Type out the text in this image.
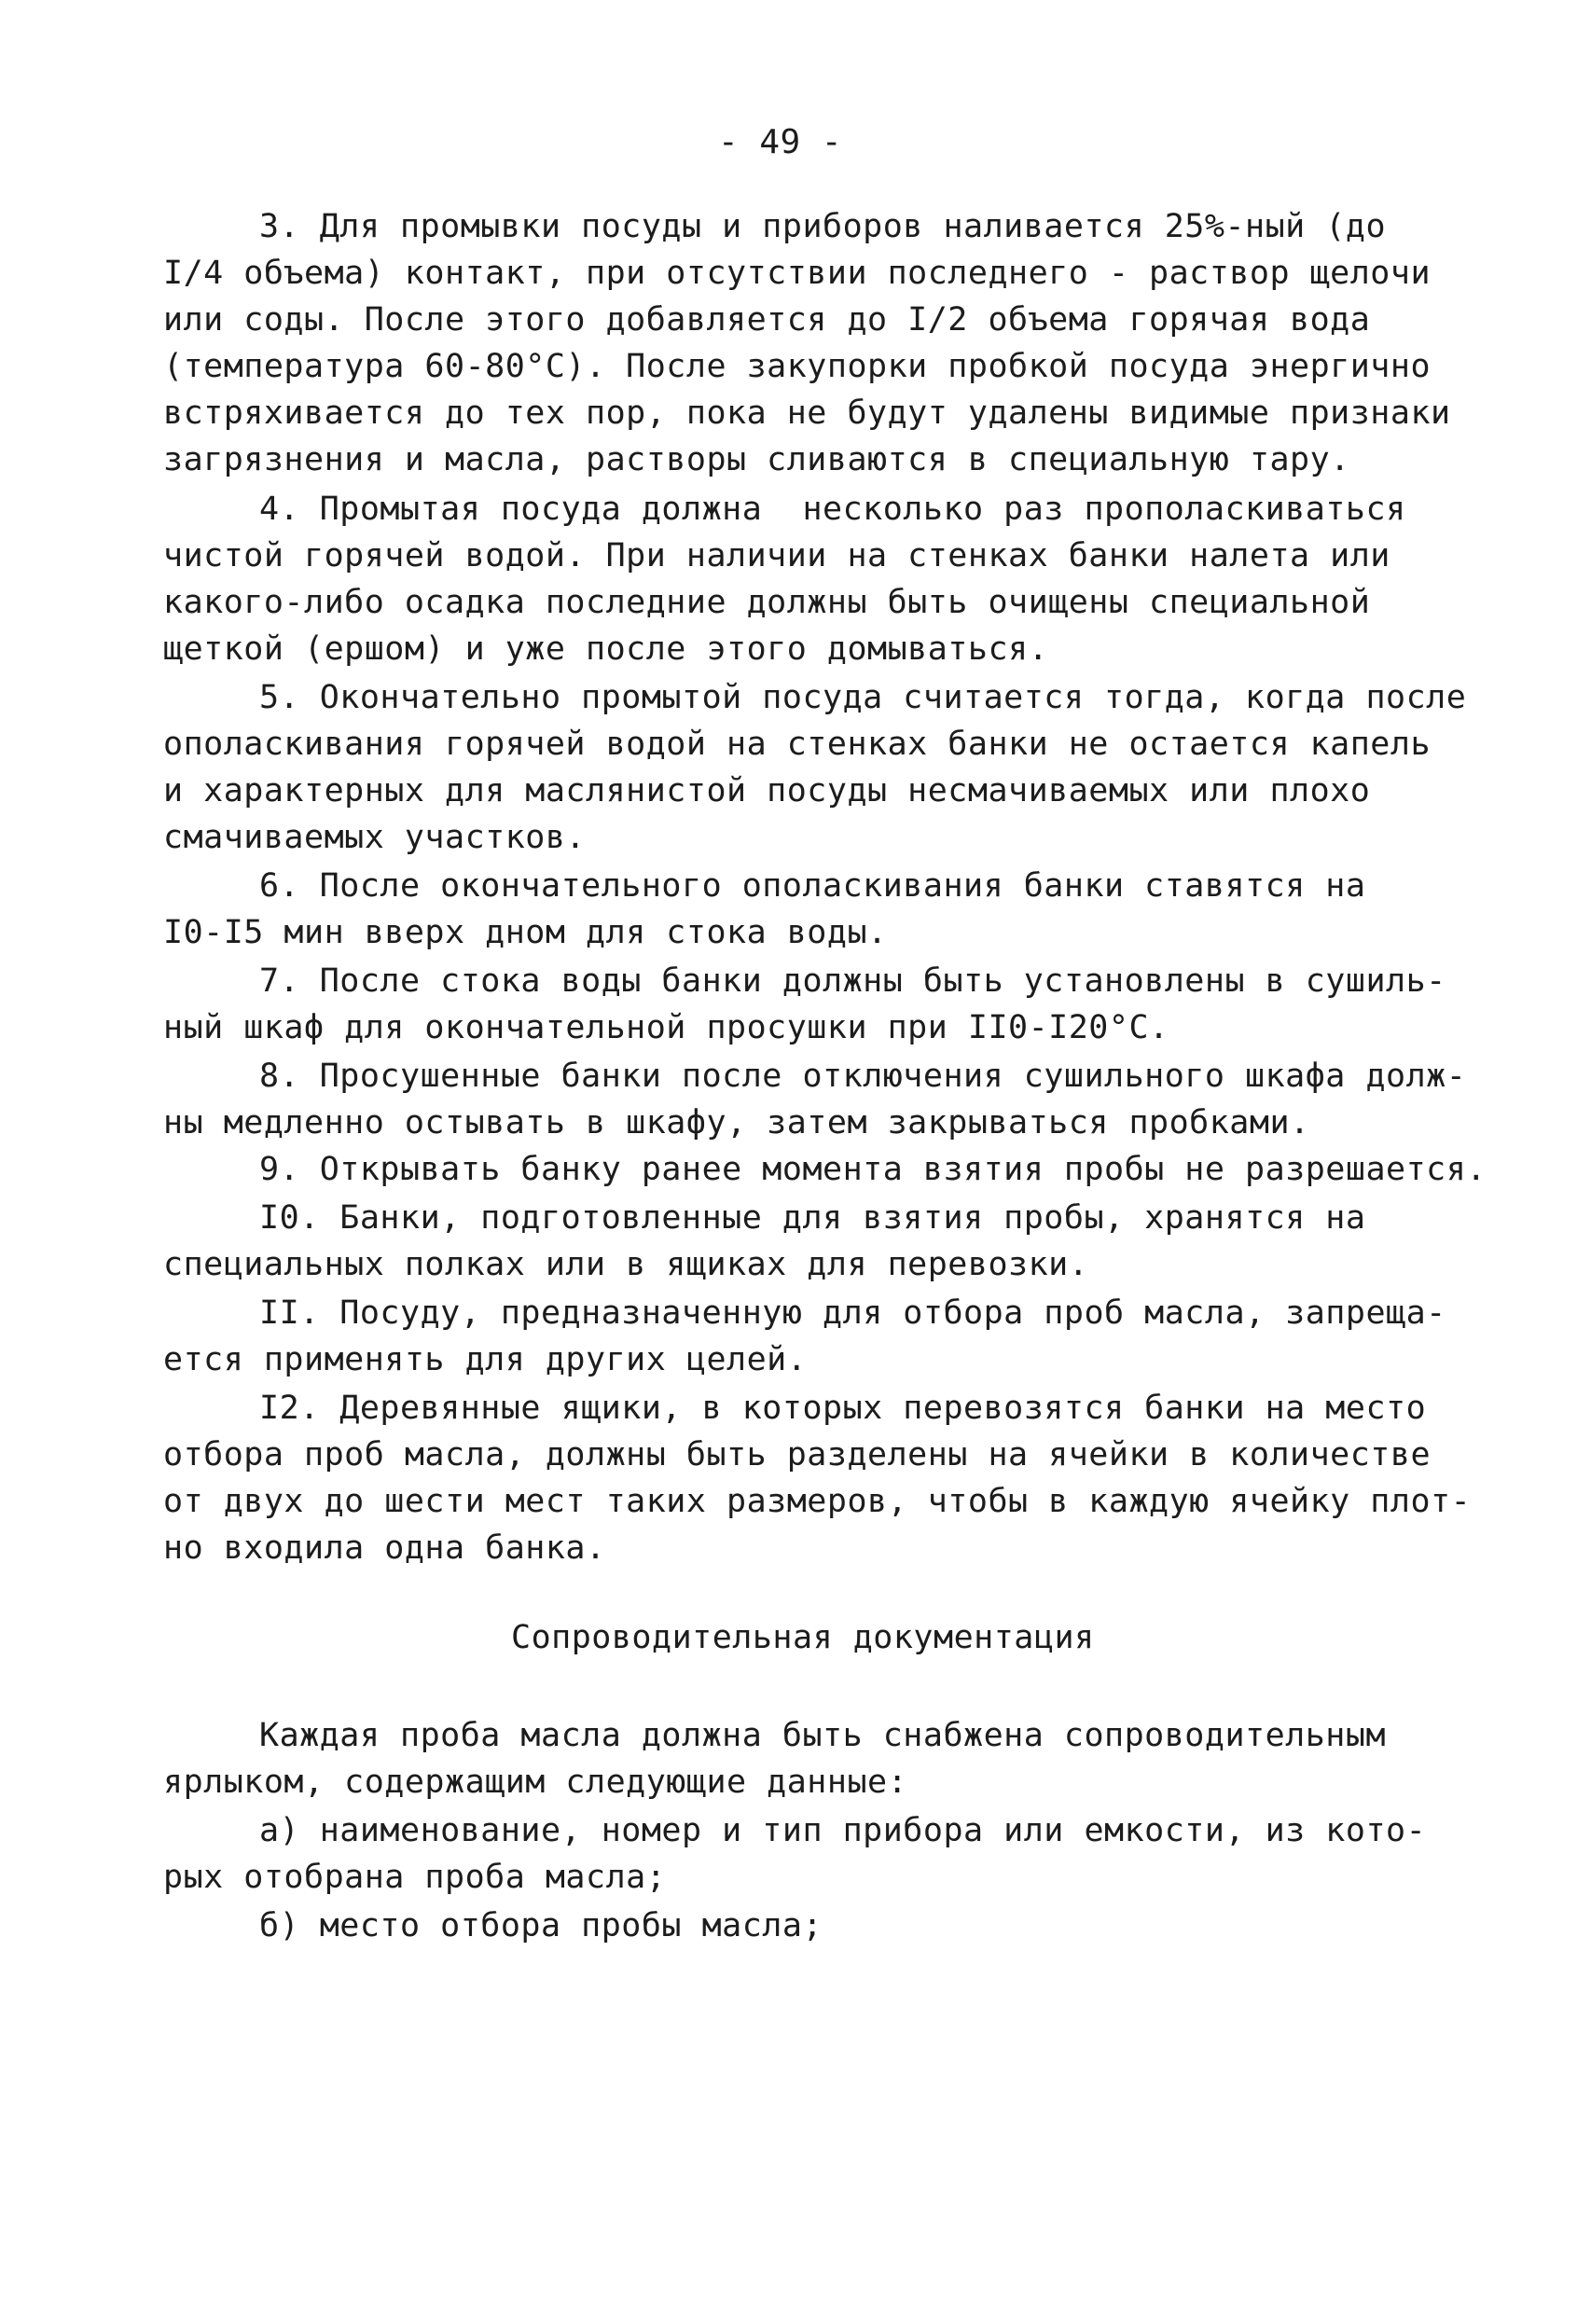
- 49 -
3. Для промывки посуды и приборов наливается 25%-ный (до
I/4 объема) контакт, при отсутствии последнего - раствор щелочи
или соды. После этого добавляется до I/2 объема горячая вода
(температура 60-80°С). После закупорки пробкой посуда энергично
встряхивается до тех пор, пока не будут удалены видимые признаки
загрязнения и масла, растворы сливаются в специальную тару.
4. Промытая посуда должна  несколько раз прополаскиваться
чистой горячей водой. При наличии на стенках банки налета или
какого-либо осадка последние должны быть очищены специальной
щеткой (ершом) и уже после этого домываться.
5. Окончательно промытой посуда считается тогда, когда после
ополаскивания горячей водой на стенках банки не остается капель
и характерных для маслянистой посуды несмачиваемых или плохо
смачиваемых участков.
6. После окончательного ополаскивания банки ставятся на
I0-I5 мин вверх дном для стока воды.
7. После стока воды банки должны быть установлены в сушиль-
ный шкаф для окончательной просушки при II0-I20°С.
8. Просушенные банки после отключения сушильного шкафа долж-
ны медленно остывать в шкафу, затем закрываться пробками.
9. Открывать банку ранее момента взятия пробы не разрешается.
I0. Банки, подготовленные для взятия пробы, хранятся на
специальных полках или в ящиках для перевозки.
II. Посуду, предназначенную для отбора проб масла, запреща-
ется применять для других целей.
I2. Деревянные ящики, в которых перевозятся банки на место
отбора проб масла, должны быть разделены на ячейки в количестве
от двух до шести мест таких размеров, чтобы в каждую ячейку плот-
но входила одна банка.
Сопроводительная документация
Каждая проба масла должна быть снабжена сопроводительным
ярлыком, содержащим следующие данные:
а) наименование, номер и тип прибора или емкости, из кото-
рых отобрана проба масла;
б) место отбора пробы масла;
